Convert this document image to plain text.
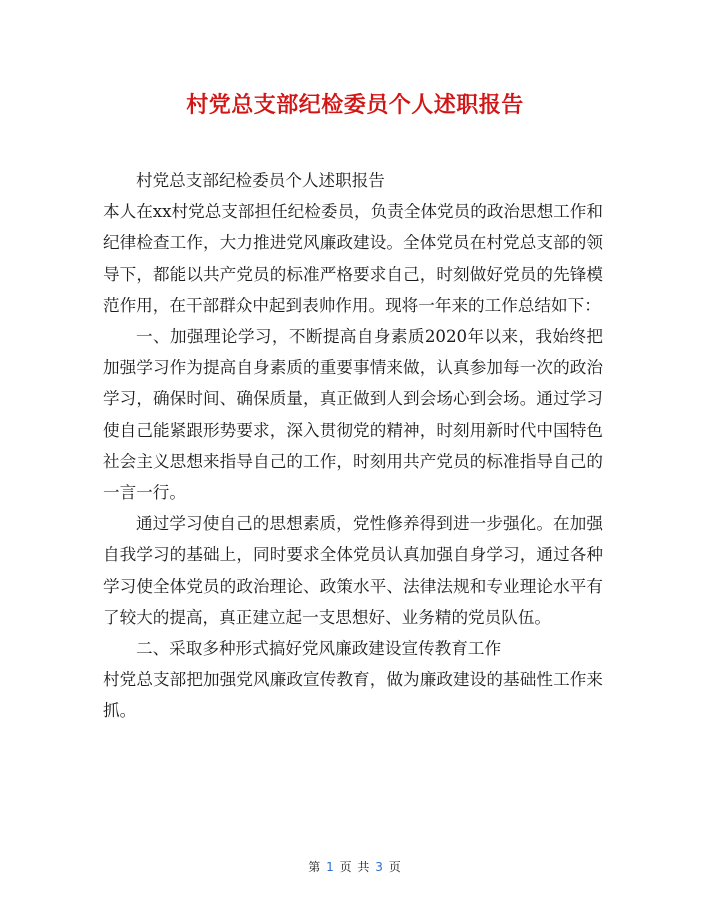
村党总支部纪检委员个人述职报告

村党总支部纪检委员个人述职报告

本人在xx村党总支部担任纪检委员，负责全体党员的政治思想工作和纪律检查工作，大力推进党风廉政建设。全体党员在村党总支部的领导下，都能以共产党员的标准严格要求自己，时刻做好党员的先锋模范作用，在干部群众中起到表帅作用。现将一年来的工作总结如下：

一、加强理论学习，不断提高自身素质2020年以来，我始终把加强学习作为提高自身素质的重要事情来做，认真参加每一次的政治学习，确保时间、确保质量，真正做到人到会场心到会场。通过学习使自己能紧跟形势要求，深入贯彻党的精神，时刻用新时代中国特色社会主义思想来指导自己的工作，时刻用共产党员的标准指导自己的一言一行。

通过学习使自己的思想素质，党性修养得到进一步强化。在加强自我学习的基础上，同时要求全体党员认真加强自身学习，通过各种学习使全体党员的政治理论、政策水平、法律法规和专业理论水平有了较大的提高，真正建立起一支思想好、业务精的党员队伍。

二、采取多种形式搞好党风廉政建设宣传教育工作

村党总支部把加强党风廉政宣传教育，做为廉政建设的基础性工作来抓。

第 1 页 共 3 页
